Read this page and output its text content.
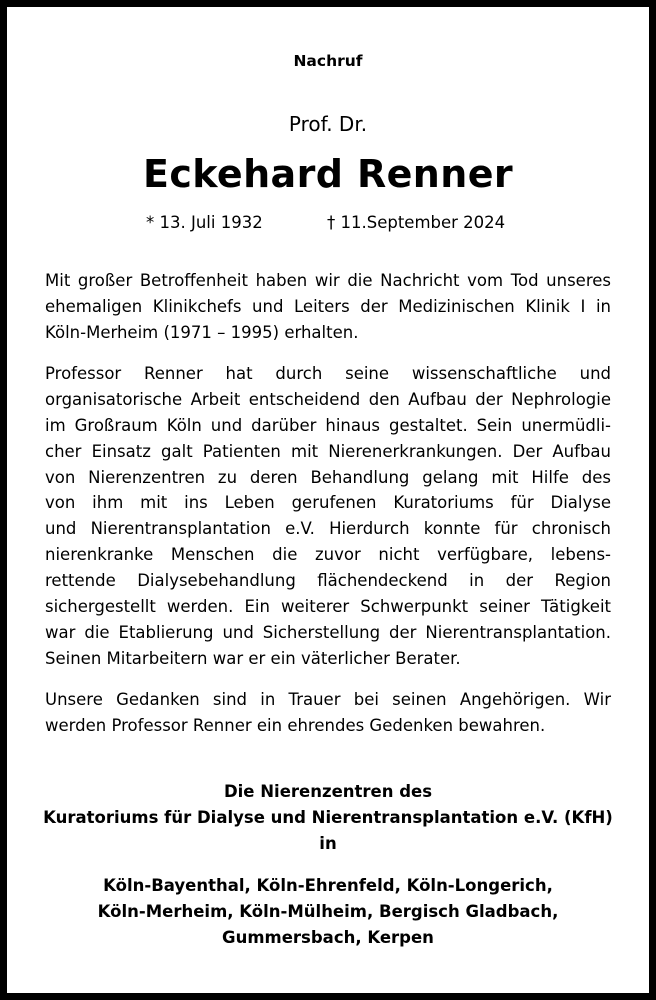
Nachruf
Prof. Dr.
Eckehard Renner
* 13. Juli 1932	† 11.September 2024
Mit großer Betroffenheit haben wir die Nachricht vom Tod unseres
ehemaligen Klinikchefs und Leiters der Medizinischen Klinik I in
Köln-Merheim (1971 – 1995) erhalten.
Professor Renner hat durch seine wissenschaftliche und
organisatorische Arbeit entscheidend den Aufbau der Nephrologie
im Großraum Köln und darüber hinaus gestaltet. Sein unermüdli-
cher Einsatz galt Patienten mit Nierenerkrankungen. Der Aufbau
von Nierenzentren zu deren Behandlung gelang mit Hilfe des
von ihm mit ins Leben gerufenen Kuratoriums für Dialyse
und Nierentransplantation e.V. Hierdurch konnte für chronisch
nierenkranke Menschen die zuvor nicht verfügbare, lebens-
rettende Dialysebehandlung flächendeckend in der Region
sichergestellt werden. Ein weiterer Schwerpunkt seiner Tätigkeit
war die Etablierung und Sicherstellung der Nierentransplantation.
Seinen Mitarbeitern war er ein väterlicher Berater.
Unsere Gedanken sind in Trauer bei seinen Angehörigen. Wir
werden Professor Renner ein ehrendes Gedenken bewahren.
Die Nierenzentren des
Kuratoriums für Dialyse und Nierentransplantation e.V. (KfH)
in
Köln-Bayenthal, Köln-Ehrenfeld, Köln-Longerich,
Köln-Merheim, Köln-Mülheim, Bergisch Gladbach,
Gummersbach, Kerpen
